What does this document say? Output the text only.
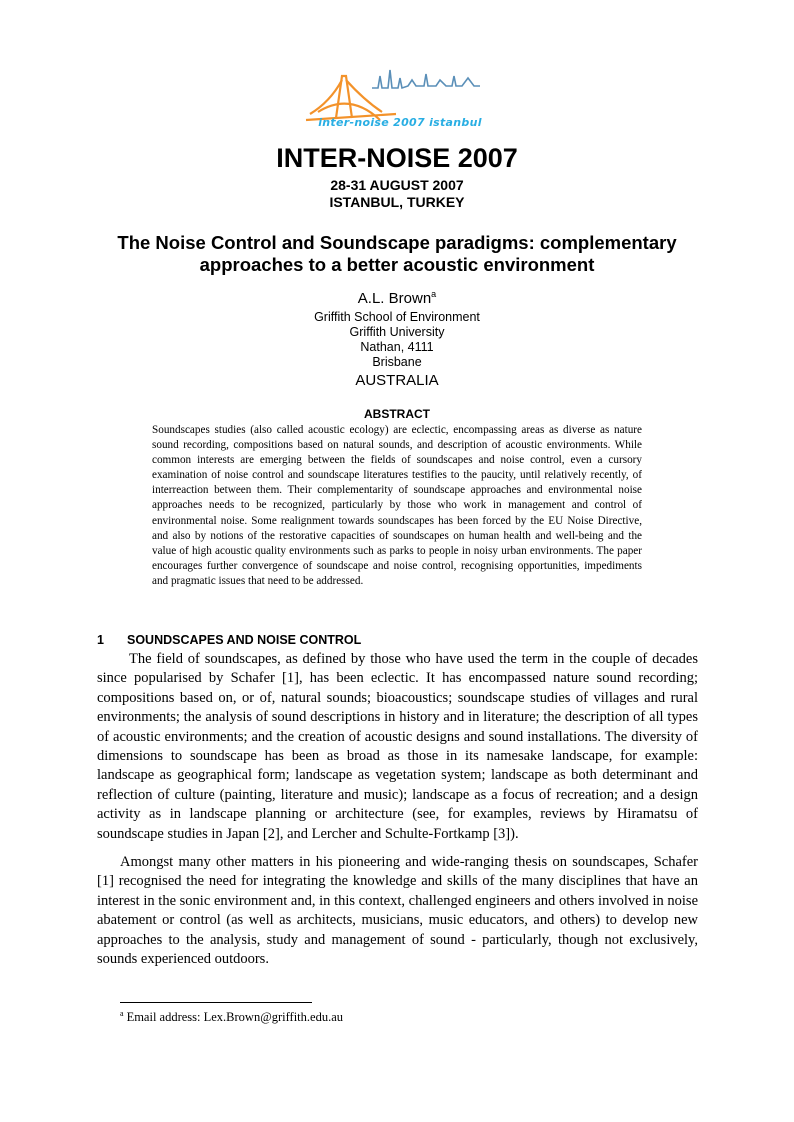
inter-noise 2007 istanbul
INTER-NOISE 2007
28-31 AUGUST 2007
ISTANBUL, TURKEY
The Noise Control and Soundscape paradigms: complementary approaches to a better acoustic environment
A.L. Brown$^a$
Griffith School of Environment
Griffith University
Nathan, 4111
Brisbane
AUSTRALIA
ABSTRACT
Soundscapes studies (also called acoustic ecology) are eclectic, encompassing areas as diverse as nature sound recording, compositions based on natural sounds, and description of acoustic environments. While common interests are emerging between the fields of soundscapes and noise control, even a cursory examination of noise control and soundscape literatures testifies to the paucity, until relatively recently, of interreaction between them. Their complementarity of soundscape approaches and environmental noise approaches needs to be recognized, particularly by those who work in management and control of environmental noise. Some realignment towards soundscapes has been forced by the EU Noise Directive, and also by notions of the restorative capacities of soundscapes on human health and well-being and the value of high acoustic quality environments such as parks to people in noisy urban environments. The paper encourages further convergence of soundscape and noise control, recognising opportunities, impediments and pragmatic issues that need to be addressed.
1 SOUNDSCAPES AND NOISE CONTROL
The field of soundscapes, as defined by those who have used the term in the couple of decades since popularised by Schafer [1], has been eclectic. It has encompassed nature sound recording; compositions based on, or of, natural sounds; bioacoustics; soundscape studies of villages and rural environments; the analysis of sound descriptions in history and in literature; the description of all types of acoustic environments; and the creation of acoustic designs and sound installations. The diversity of dimensions to soundscape has been as broad as those in its namesake landscape, for example: landscape as geographical form; landscape as vegetation system; landscape as both determinant and reflection of culture (painting, literature and music); landscape as a focus of recreation; and a design activity as in landscape planning or architecture (see, for examples, reviews by Hiramatsu of soundscape studies in Japan [2], and Lercher and Schulte-Fortkamp [3]).
Amongst many other matters in his pioneering and wide-ranging thesis on soundscapes, Schafer [1] recognised the need for integrating the knowledge and skills of the many disciplines that have an interest in the sonic environment and, in this context, challenged engineers and others involved in noise abatement or control (as well as architects, musicians, music educators, and others) to develop new approaches to the analysis, study and management of sound - particularly, though not exclusively, sounds experienced outdoors.
$^a$ Email address: Lex.Brown@griffith.edu.au
